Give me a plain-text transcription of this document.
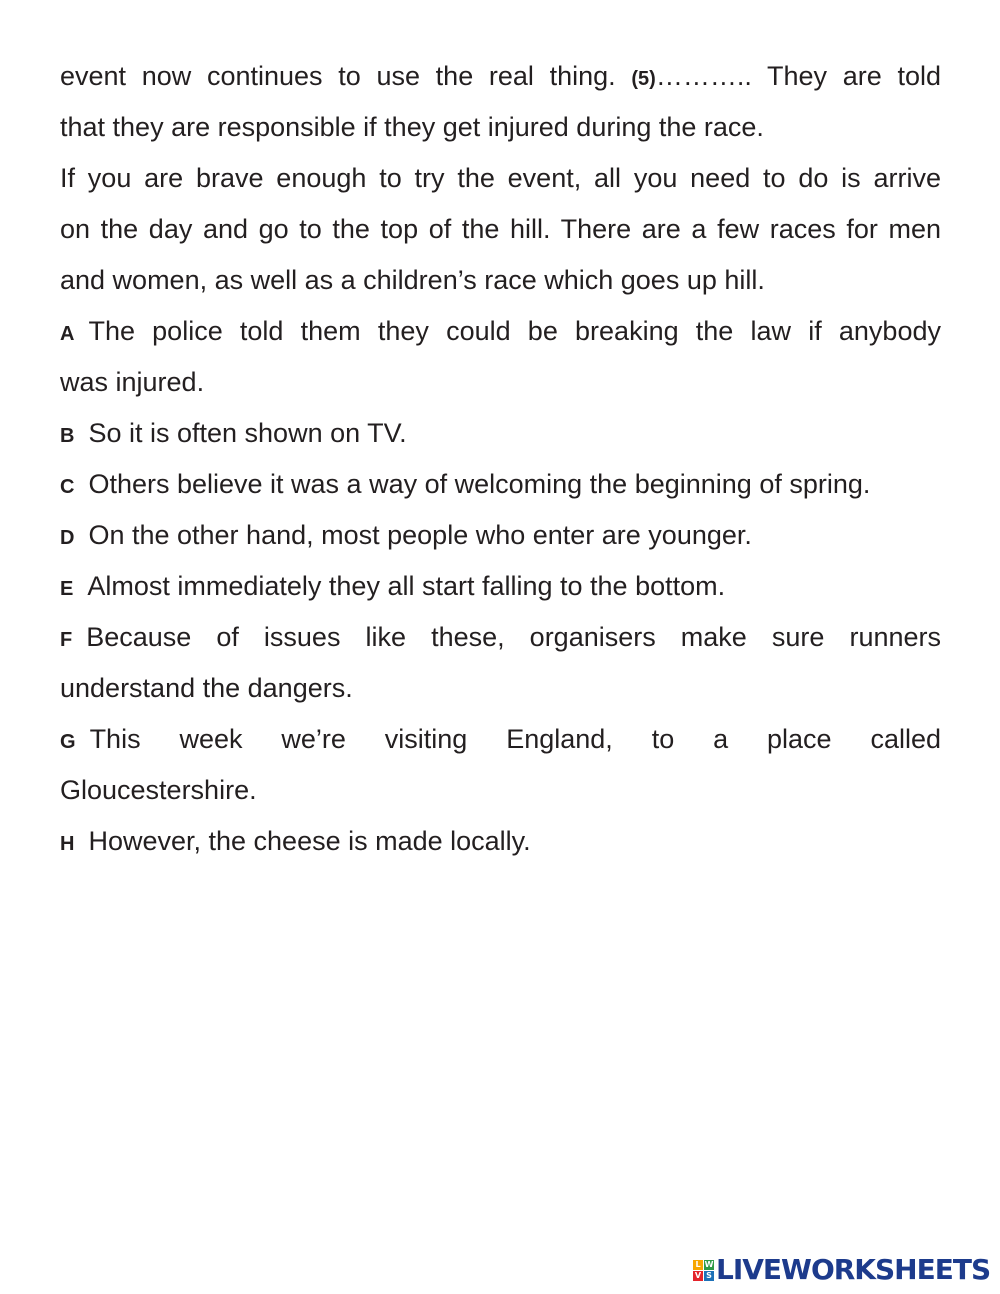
event now continues to use the real thing. (5)……….. They are told

that they are responsible if they get injured during the race.

If you are brave enough to try the event, all you need to do is arrive

on the day and go to the top of the hill. There are a few races for men

and women, as well as a children’s race which goes up hill.

A The police told them they could be breaking the law if anybody

was injured.

B So it is often shown on TV.

C Others believe it was a way of welcoming the beginning of spring.

D On the other hand, most people who enter are younger.

E Almost immediately they all start falling to the bottom.

F Because of issues like these, organisers make sure runners

understand the dangers.

G This week we’re visiting England, to a place called

Gloucestershire.

H However, the cheese is made locally.

L W
V S LIVEWORKSHEETS
